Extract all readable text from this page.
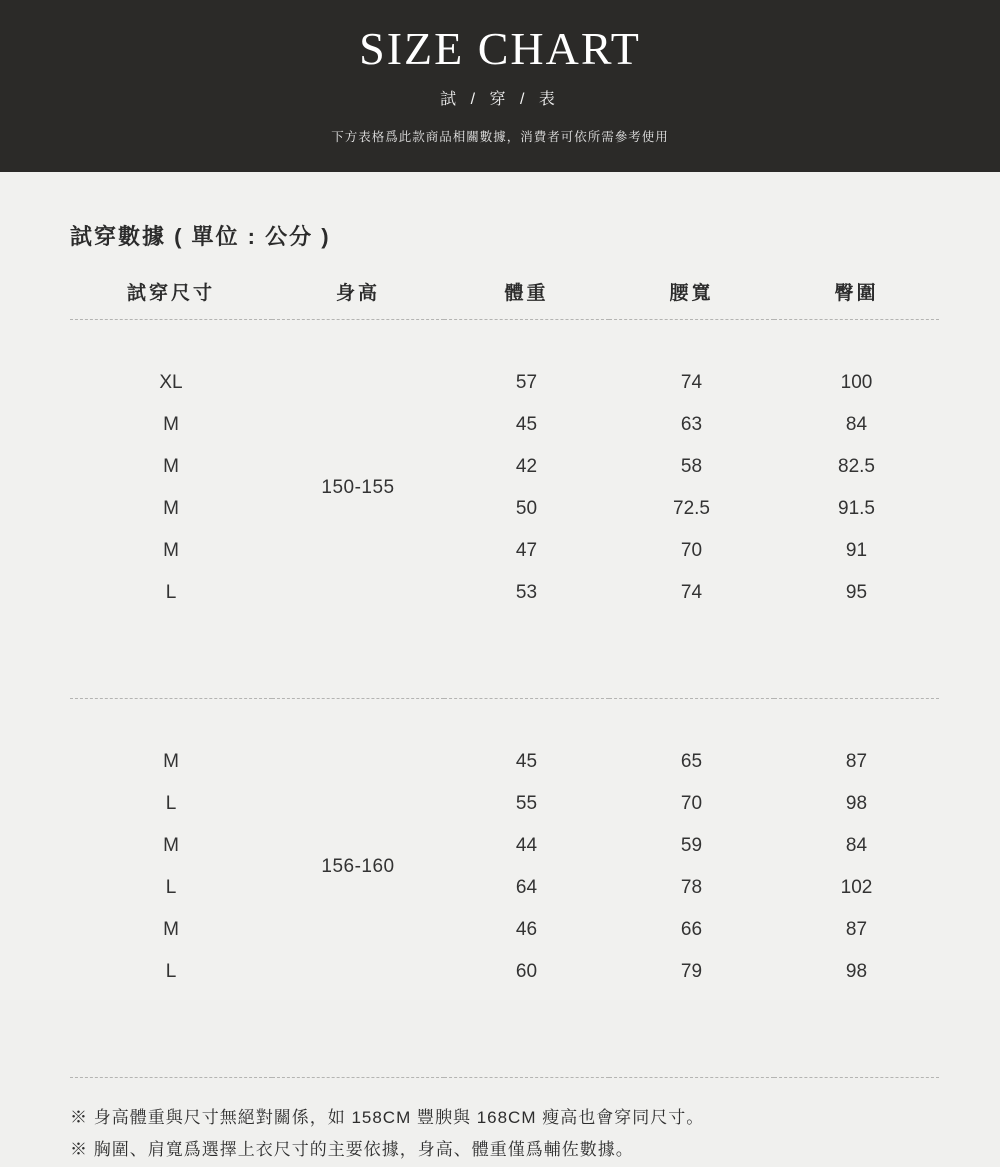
SIZE CHART
試 / 穿 / 表
下方表格爲此款商品相關數據，消費者可依所需參考使用
試穿數據 ( 單位 : 公分 )
試穿尺寸	身高	體重	腰寬	臀圍

XL	150-155	57	74	100
M		45	63	84
M		42	58	82.5
M		50	72.5	91.5
M		47	70	91
L		53	74	95

M	156-160	45	65	87
L		55	70	98
M		44	59	84
L		64	78	102
M		46	66	87
L		60	79	98

※ 身高體重與尺寸無絕對關係，如 158CM 豐腴與 168CM 瘦高也會穿同尺寸。
※ 胸圍、肩寬爲選擇上衣尺寸的主要依據，身高、體重僅爲輔佐數據。
